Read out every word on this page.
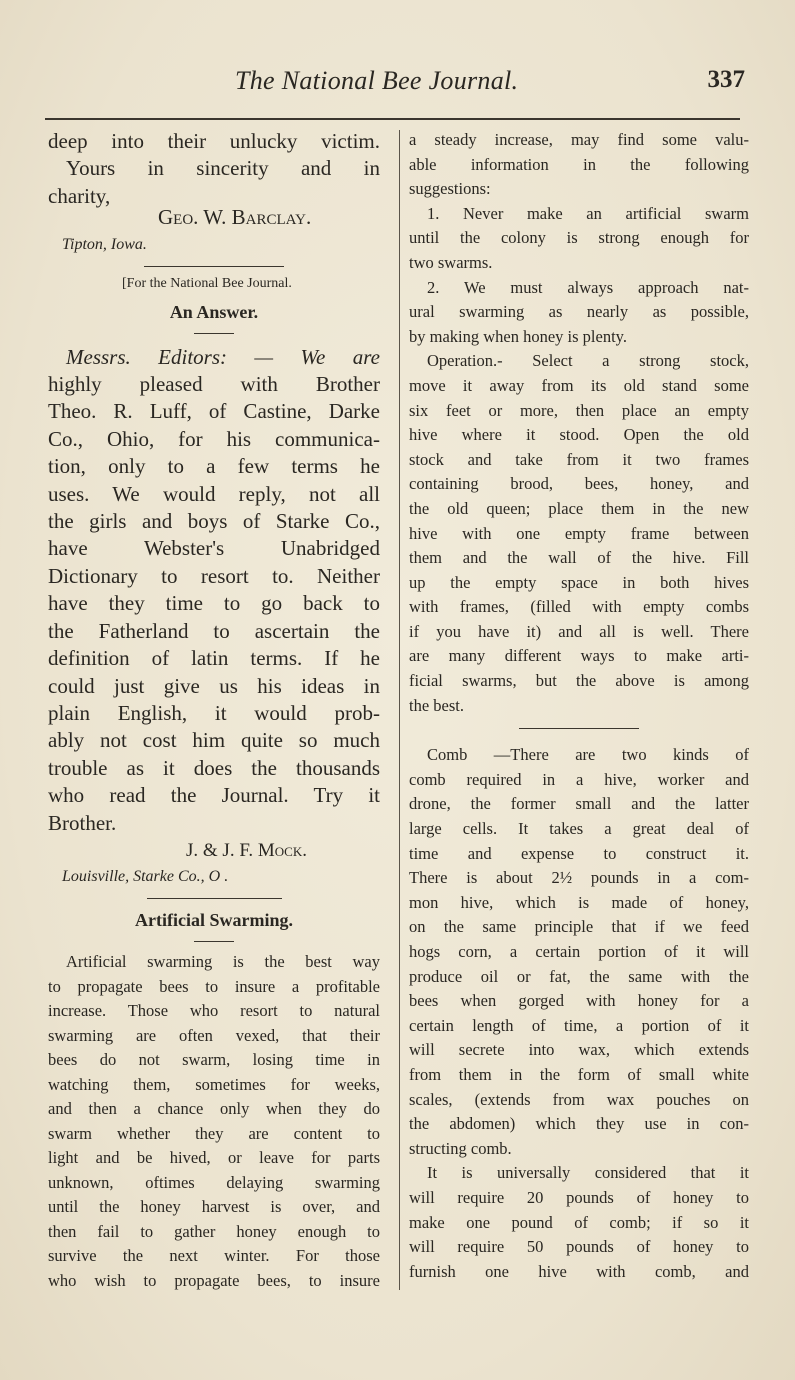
The National Bee Journal.	337
deep into their unlucky victim.
Yours in sincerity and in
charity,
Geo. W. Barclay.
Tipton, Iowa.
[For the National Bee Journal.
An Answer.
Messrs. Editors: — We are
highly pleased with Brother
Theo. R. Luff, of Castine, Darke
Co., Ohio, for his communica-
tion, only to a few terms he
uses. We would reply, not all
the girls and boys of Starke Co.,
have Webster's Unabridged
Dictionary to resort to. Neither
have they time to go back to
the Fatherland to ascertain the
definition of latin terms. If he
could just give us his ideas in
plain English, it would prob-
ably not cost him quite so much
trouble as it does the thousands
who read the Journal. Try it
Brother.
J. & J. F. Mock.
Louisville, Starke Co., O .
Artificial Swarming.
Artificial swarming is the best way
to propagate bees to insure a profitable
increase. Those who resort to natural
swarming are often vexed, that their
bees do not swarm, losing time in
watching them, sometimes for weeks,
and then a chance only when they do
swarm whether they are content to
light and be hived, or leave for parts
unknown, oftimes delaying swarming
until the honey harvest is over, and
then fail to gather honey enough to
survive the next winter. For those
who wish to propagate bees, to insure
a steady increase, may find some valu-
able information in the following
suggestions:
1. Never make an artificial swarm
until the colony is strong enough for
two swarms.
2. We must always approach nat-
ural swarming as nearly as possible,
by making when honey is plenty.
Operation.- Select a strong stock,
move it away from its old stand some
six feet or more, then place an empty
hive where it stood. Open the old
stock and take from it two frames
containing brood, bees, honey, and
the old queen; place them in the new
hive with one empty frame between
them and the wall of the hive. Fill
up the empty space in both hives
with frames, (filled with empty combs
if you have it) and all is well. There
are many different ways to make arti-
ficial swarms, but the above is among
the best.
Comb —There are two kinds of
comb required in a hive, worker and
drone, the former small and the latter
large cells. It takes a great deal of
time and expense to construct it.
There is about 2½ pounds in a com-
mon hive, which is made of honey,
on the same principle that if we feed
hogs corn, a certain portion of it will
produce oil or fat, the same with the
bees when gorged with honey for a
certain length of time, a portion of it
will secrete into wax, which extends
from them in the form of small white
scales, (extends from wax pouches on
the abdomen) which they use in con-
structing comb.
It is universally considered that it
will require 20 pounds of honey to
make one pound of comb; if so it
will require 50 pounds of honey to
furnish one hive with comb, and
